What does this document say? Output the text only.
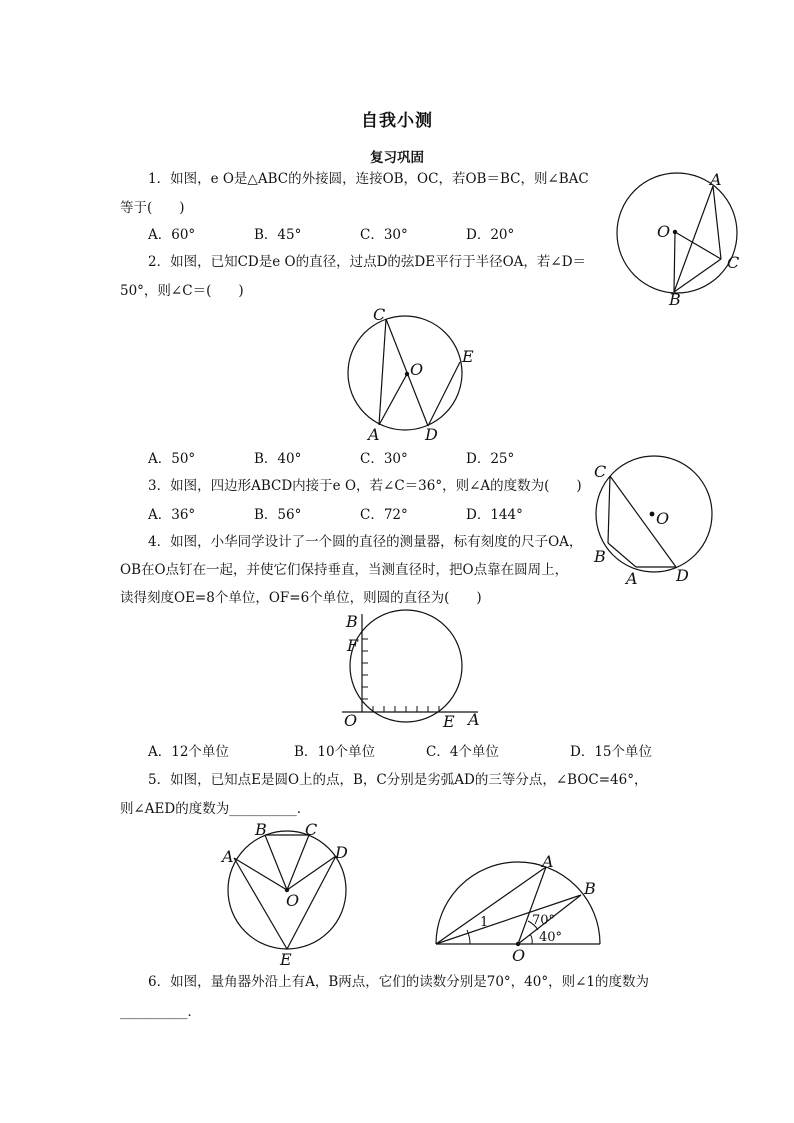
自我小测
复习巩固
1．如图，e O是△ABC的外接圆，连接OB，OC，若OB＝BC，则∠BAC
等于(　　)
A．60°	B．45°	C．30°	D．20°
A
O
C
B
2．如图，已知CD是e O的直径，过点D的弦DE平行于半径OA，若∠D＝
50°，则∠C＝(　　)
C
O
E
A	D
A．50°	B．40°	C．30°	D．25°
3．如图，四边形ABCD内接于e O，若∠C＝36°，则∠A的度数为(　　)
A．36°	B．56°	C．72°	D．144°
C
O
B
A D
4．如图，小华同学设计了一个圆的直径的测量器，标有刻度的尺子OA，
OB在O点钉在一起，并使它们保持垂直，当测直径时，把O点靠在圆周上，
读得刻度OE=8个单位，OF=6个单位，则圆的直径为(　　)
B
F
O	E A
A．12个单位	B．10个单位	C．4个单位	D．15个单位
5．如图，已知点E是圆O上的点，B，C分别是劣弧AD的三等分点，∠BOC=46°，
则∠AED的度数为__________．
B C
A	D
O
E
A
B
1	70°
40°
O
6．如图，量角器外沿上有A，B两点，它们的读数分别是70°，40°，则∠1的度数为
__________．
